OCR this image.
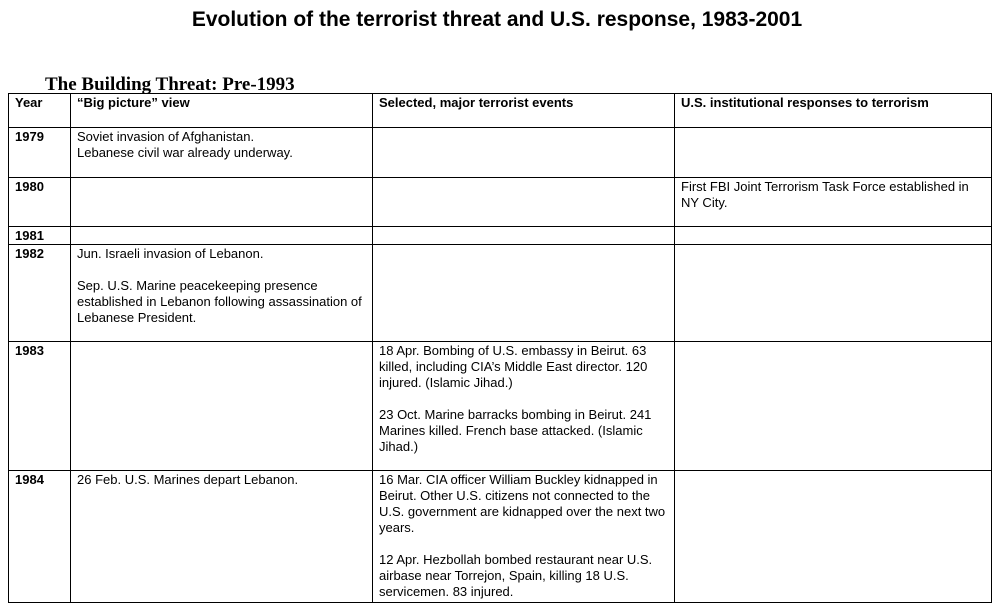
Evolution of the terrorist threat and U.S. response, 1983-2001
The Building Threat: Pre-1993
Year	“Big picture” view	Selected, major terrorist events	U.S. institutional responses to terrorism
1979	Soviet invasion of Afghanistan.
Lebanese civil war already underway.		
1980			First FBI Joint Terrorism Task Force established in NY City.
1981			
1982	Jun. Israeli invasion of Lebanon.

Sep. U.S. Marine peacekeeping presence established in Lebanon following assassination of Lebanese President.		
1983		18 Apr. Bombing of U.S. embassy in Beirut. 63 killed, including CIA’s Middle East director. 120 injured. (Islamic Jihad.)

23 Oct. Marine barracks bombing in Beirut. 241 Marines killed. French base attacked. (Islamic Jihad.)	
1984	26 Feb. U.S. Marines depart Lebanon.	16 Mar. CIA officer William Buckley kidnapped in Beirut. Other U.S. citizens not connected to the U.S. government are kidnapped over the next two years.

12 Apr. Hezbollah bombed restaurant near U.S. airbase near Torrejon, Spain, killing 18 U.S. servicemen. 83 injured.	
